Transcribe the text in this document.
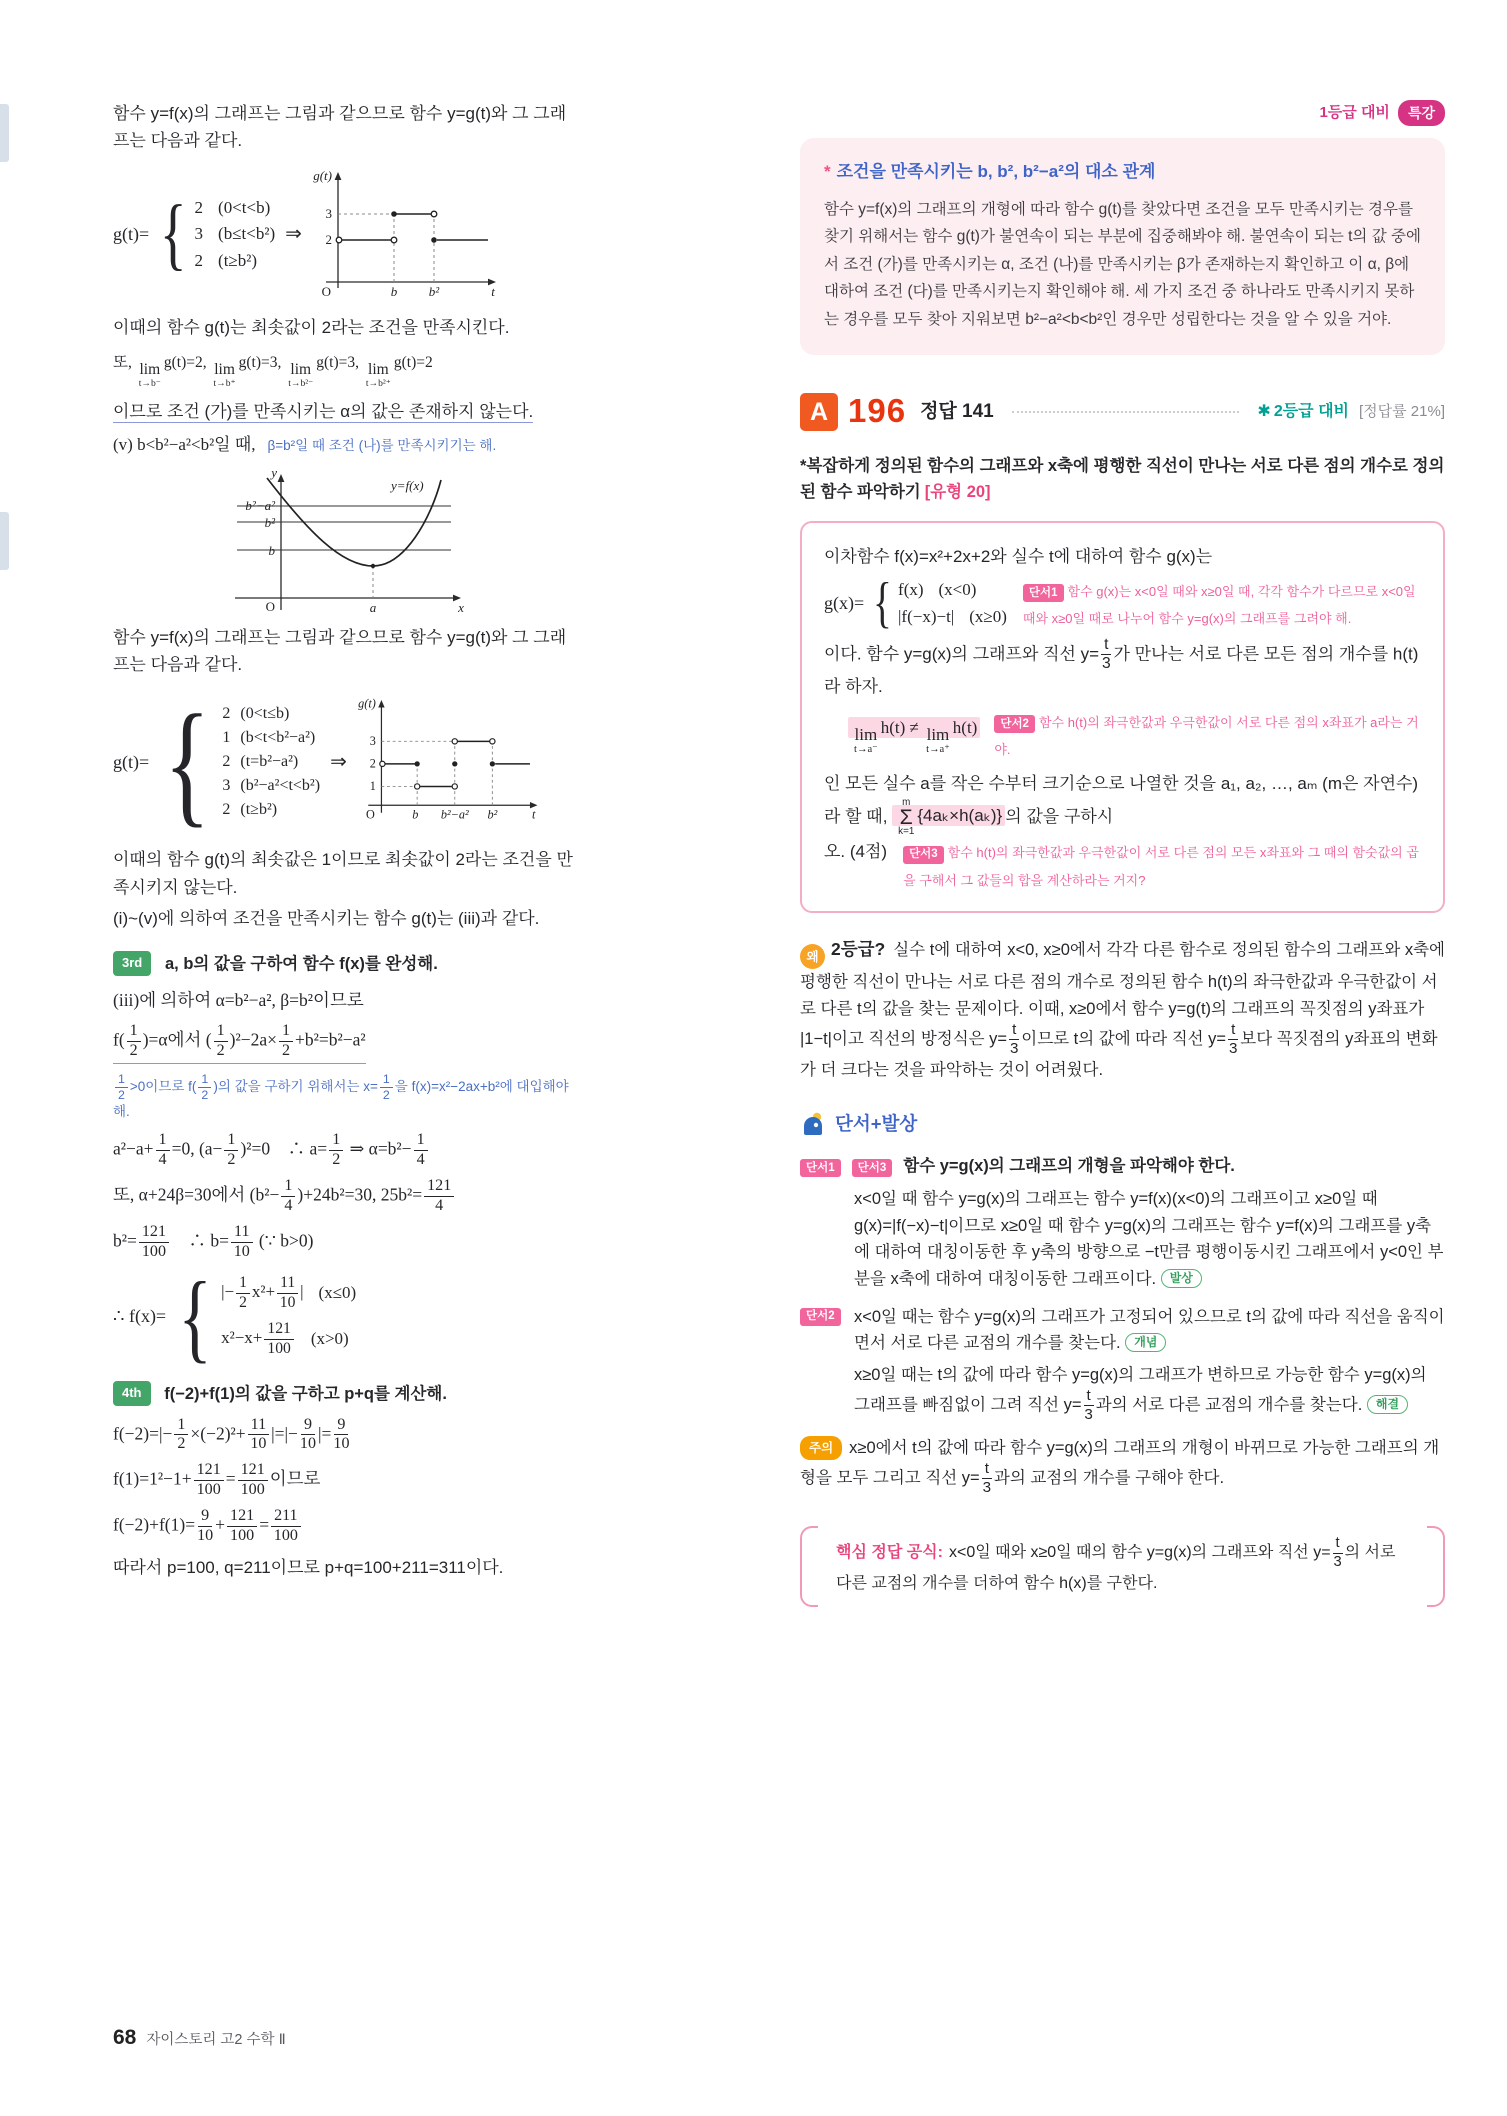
함수 y=f(x)의 그래프는 그림과 같으므로 함수 y=g(t)와 그 그래프는 다음과 같다.

g(t)= { 2 (0<t<b)
3 (b≤t<b²)
2 (t≥b²)
⇒
g(t)
3
2
O	b b²	t

이때의 함수 g(t)는 최솟값이 2라는 조건을 만족시킨다.

또, lim
t→b⁻
g(t)=2, lim
t→b⁺
g(t)=3, lim
t→b²⁻
g(t)=3, lim
t→b²⁺
g(t)=2

이므로 조건 (가)를 만족시키는 α의 값은 존재하지 않는다.

(v) b<b²−a²<b²일 때, β=b²일 때 조건 (나)를 만족시키기는 해.
y
y=f(x)
b²−a²
b²
b
O	a	x

함수 y=f(x)의 그래프는 그림과 같으므로 함수 y=g(t)와 그 그래프는 다음과 같다.

g(t)= { 2 (0<t≤b)
1 (b<t<b²−a²)
2 (t=b²−a²)
3 (b²−a²<t<b²)
2 (t≥b²)
⇒
g(t)
3
2
1
O	b b²−a² b²	t

이때의 함수 g(t)의 최솟값은 1이므로 최솟값이 2라는 조건을 만족시키지 않는다.

(i)~(v)에 의하여 조건을 만족시키는 함수 g(t)는 (iii)과 같다.

3rd a, b의 값을 구하여 함수 f(x)를 완성해.

(iii)에 의하여 α=b²−a², β=b²이므로

$f( \frac{1}{2} )=\alpha$에서 ( $\frac{1}{2} )^2-2a\times \frac{1}{2} +b^2=b^2-a^2$

$\frac{1}{2} >0$이므로 $f( \frac{1}{2}$ )의 값을 구하기 위해서는 $x= \frac{1}{2}$ 을 f(x)=x²−2ax+b²에 대입해야 해.

$a^2-a+ \frac{1}{4} =0$, $(a- \frac{1}{2} )^2=0$　∴ $a= \frac{1}{2}$ ⇒ $\alpha=b^2- \frac{1}{4}$

또, α+24β=30에서 $(b^2- \frac{1}{4} )+24b^2=30$, $25b^2= \frac{121}{4}$

$b^2= \frac{121}{100}$ 　∴ $b= \frac{11}{10}$ (∵ b>0)

∴ f(x)= { |− $\frac{1}{2} x^2+ \frac{11}{10}$ | (x≤0)
$x^2-x+ \frac{121}{100} (x>0)$
4th f(−2)+f(1)의 값을 구하고 p+q를 계산해.

$f(-2)=|- \frac{1}{2} \times(-2)^2+ \frac{11}{10}$ |=|− $\frac{9}{10}$ |= $\frac{9}{10}$

$f(1)=1^2-1+ \frac{121}{100} = \frac{121}{100}$ 이므로

$f(-2)+f(1)= \frac{9}{10} + \frac{121}{100} = \frac{211}{100}$

따라서 p=100, q=211이므로 p+q=100+211=311이다.

1등급 대비	특강
* 조건을 만족시키는 b, b², b²−a²의 대소 관계
함수 y=f(x)의 그래프의 개형에 따라 함수 g(t)를 찾았다면 조건을 모두 만족시키는 경우를 찾기 위해서는 함수 g(t)가 불연속이 되는 부분에 집중해봐야 해. 불연속이 되는 t의 값 중에서 조건 (가)를 만족시키는 α, 조건 (나)를 만족시키는 β가 존재하는지 확인하고 이 α, β에 대하여 조건 (다)를 만족시키는지 확인해야 해. 세 가지 조건 중 하나라도 만족시키지 못하는 경우를 모두 찾아 지워보면 b²−a²<b<b²인 경우만 성립한다는 것을 알 수 있을 거야.
A 196 정답 141	✱ 2등급 대비 [정답률 21%]
*복잡하게 정의된 함수의 그래프와 x축에 평행한 직선이 만나는 서로 다른 점의 개수로 정의된 함수 파악하기 [유형 20]

이차함수 f(x)=x²+2x+2와 실수 t에 대하여 함수 g(x)는

g(x)= { f(x) (x<0)
|f(−x)−t| (x≥0)
단서1 함수 g(x)는 x<0일 때와 x≥0일 때, 각각 함수가 다르므로 x<0일 때와 x≥0일 때로 나누어 함수 y=g(x)의 그래프를 그려야 해.

이다. 함수 y=g(x)의 그래프와 직선 $y= \frac{t}{3}$ 가 만나는 서로 다른 모든 점의 개수를 h(t)라 하자.

lim
t→a⁻
h(t) ≠ lim
t→a⁺
h(t)	단서2 함수 h(t)의 좌극한값과 우극한값이 서로 다른 점의 x좌표가 a라는 거야.

인 모든 실수 a를 작은 수부터 크기순으로 나열한 것을 a₁, a₂, …, aₘ (m은 자연수)라 할 때,
m
Σ
k=1
{4aₖ×h(aₖ)} 의 값을 구하시

오. (4점)	단서3 함수 h(t)의 좌극한값과 우극한값이 서로 다른 점의 모든 x좌표와 그 때의 함숫값의 곱을 구해서 그 값들의 합을 계산하라는 거지?

왜 2등급? 실수 t에 대하여 x<0, x≥0에서 각각 다른 함수로 정의된 함수의 그래프와 x축에 평행한 직선이 만나는 서로 다른 점의 개수로 정의된 함수 h(t)의 좌극한값과 우극한값이 서로 다른 t의 값을 찾는 문제이다. 이때, x≥0에서 함수 y=g(t)의 그래프의 꼭짓점의 y좌표가 |1−t|이고 직선의 방정식은 $y= \frac{t}{3}$ 이므로 t의 값에 따라 직선 $y= \frac{t}{3}$ 보다 꼭짓점의 y좌표의 변화가 더 크다는 것을 파악하는 것이 어려웠다.

단서+발상
단서1	단서3	함수 y=g(x)의 그래프의 개형을 파악해야 한다.
x<0일 때 함수 y=g(x)의 그래프는 함수 y=f(x)(x<0)의 그래프이고 x≥0일 때 g(x)=|f(−x)−t|이므로 x≥0일 때 함수 y=g(x)의 그래프는 함수 y=f(x)의 그래프를 y축에 대하여 대칭이동한 후 y축의 방향으로 −t만큼 평행이동시킨 그래프에서 y<0인 부분을 x축에 대하여 대칭이동한 그래프이다. 발상
단서2	x<0일 때는 함수 y=g(x)의 그래프가 고정되어 있으므로 t의 값에 따라 직선을 움직이면서 서로 다른 교점의 개수를 찾는다. 개념
x≥0일 때는 t의 값에 따라 함수 y=g(x)의 그래프가 변하므로 가능한 함수 y=g(x)의 그래프를 빠짐없이 그려 직선 $y= \frac{t}{3}$ 과의 서로 다른 교점의 개수를 찾는다. 해결

주의 x≥0에서 t의 값에 따라 함수 y=g(x)의 그래프의 개형이 바뀌므로 가능한 그래프의 개형을 모두 그리고 직선 $y= \frac{t}{3}$ 과의 교점의 개수를 구해야 한다.

핵심 정답 공식: x<0일 때와 x≥0일 때의 함수 y=g(x)의 그래프와 직선 $y= \frac{t}{3}$ 의 서로 다른 교점의 개수를 더하여 함수 h(x)를 구한다.
68 자이스토리 고2 수학 Ⅱ
